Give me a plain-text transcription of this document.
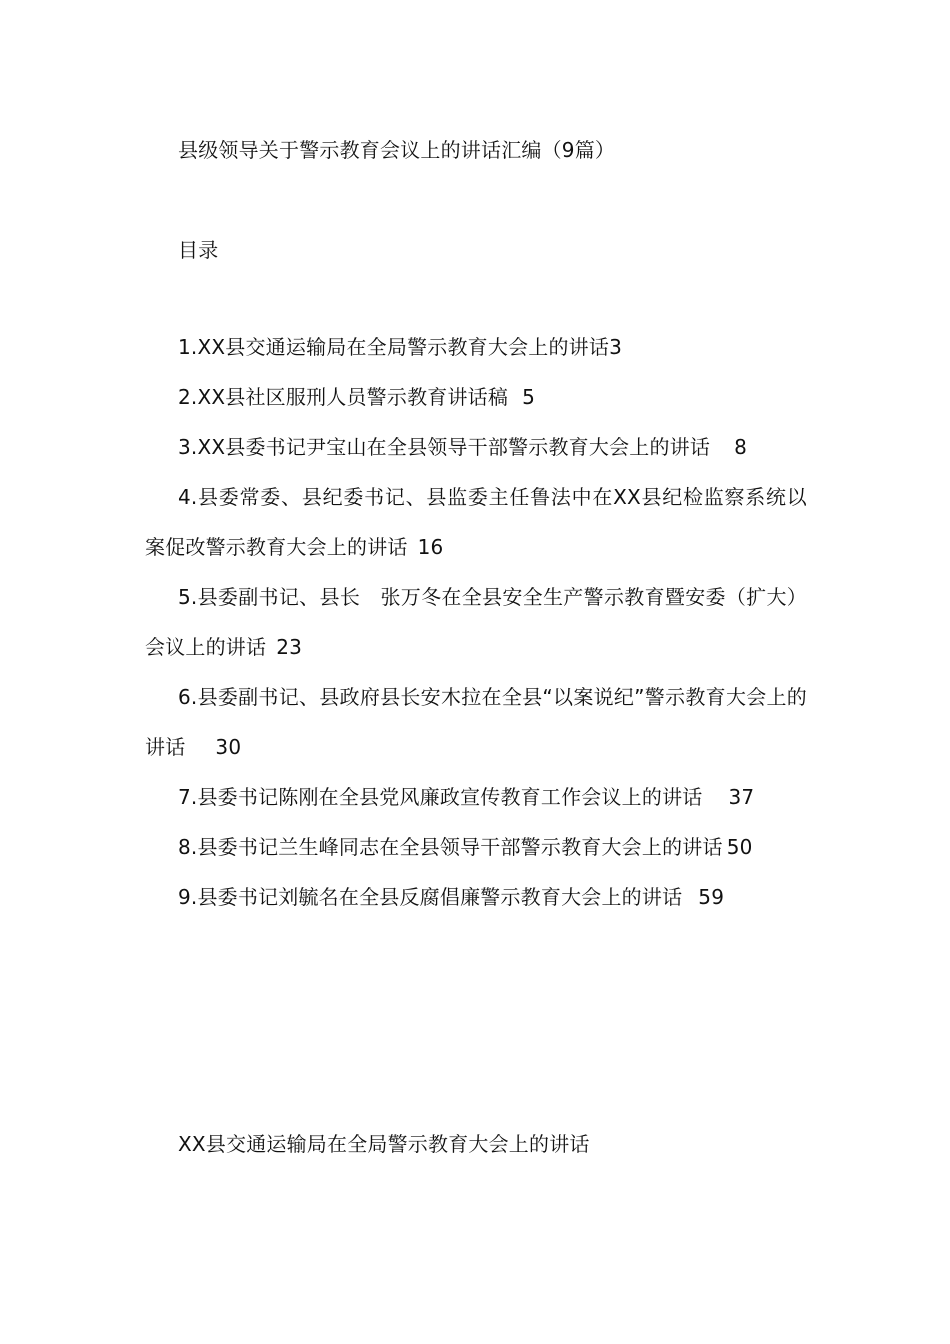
县级领导关于警示教育会议上的讲话汇编（9篇）
目录
1.XX县交通运输局在全局警示教育大会上的讲话3
2.XX县社区服刑人员警示教育讲话稿 5
3.XX县委书记尹宝山在全县领导干部警示教育大会上的讲话 8
4.县委常委、县纪委书记、县监委主任鲁法中在XX县纪检监察系统以案促改警示教育大会上的讲话 16
5.县委副书记、县长　张万冬在全县安全生产警示教育暨安委（扩大）会议上的讲话 23
6.县委副书记、县政府县长安木拉在全县“以案说纪”警示教育大会上的讲话 30
7.县委书记陈刚在全县党风廉政宣传教育工作会议上的讲话 37
8.县委书记兰生峰同志在全县领导干部警示教育大会上的讲话 50
9.县委书记刘毓名在全县反腐倡廉警示教育大会上的讲话 59
XX县交通运输局在全局警示教育大会上的讲话
